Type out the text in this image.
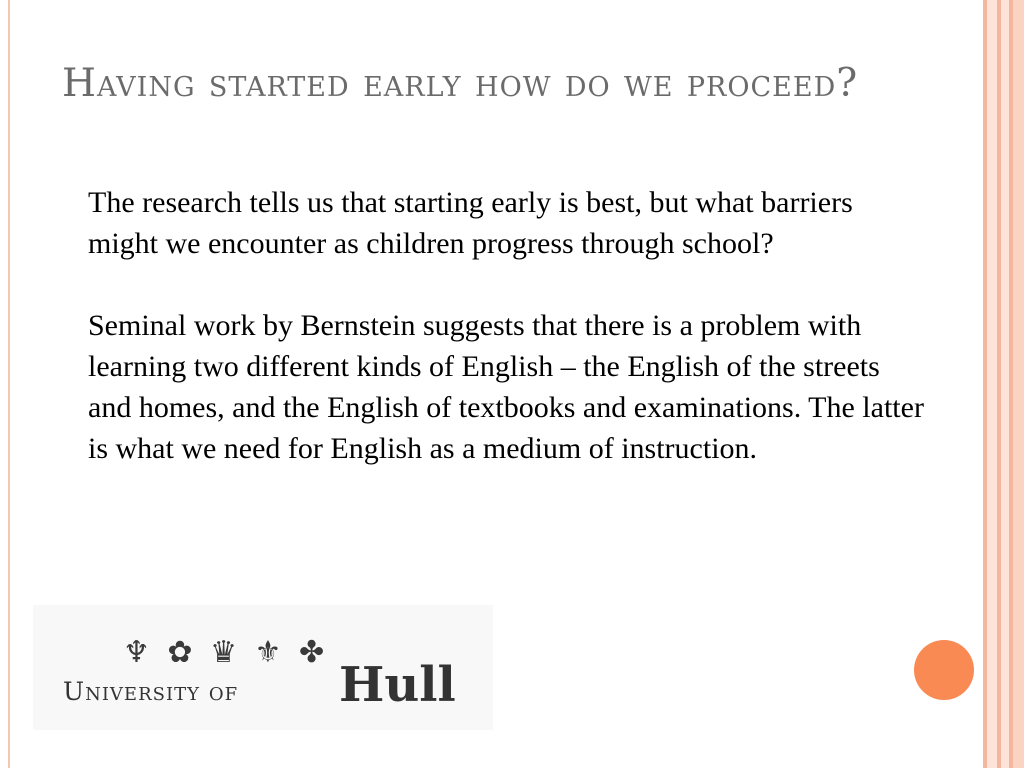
Having started early how do we proceed?

The research tells us that starting early is best, but what barriers might we encounter as children progress through school?

Seminal work by Bernstein suggests that there is a problem with learning two different kinds of English – the English of the streets and homes, and the English of textbooks and examinations. The latter is what we need for English as a medium of instruction.

♆ ✿ ♛ ⚜ ✤
University of Hull
